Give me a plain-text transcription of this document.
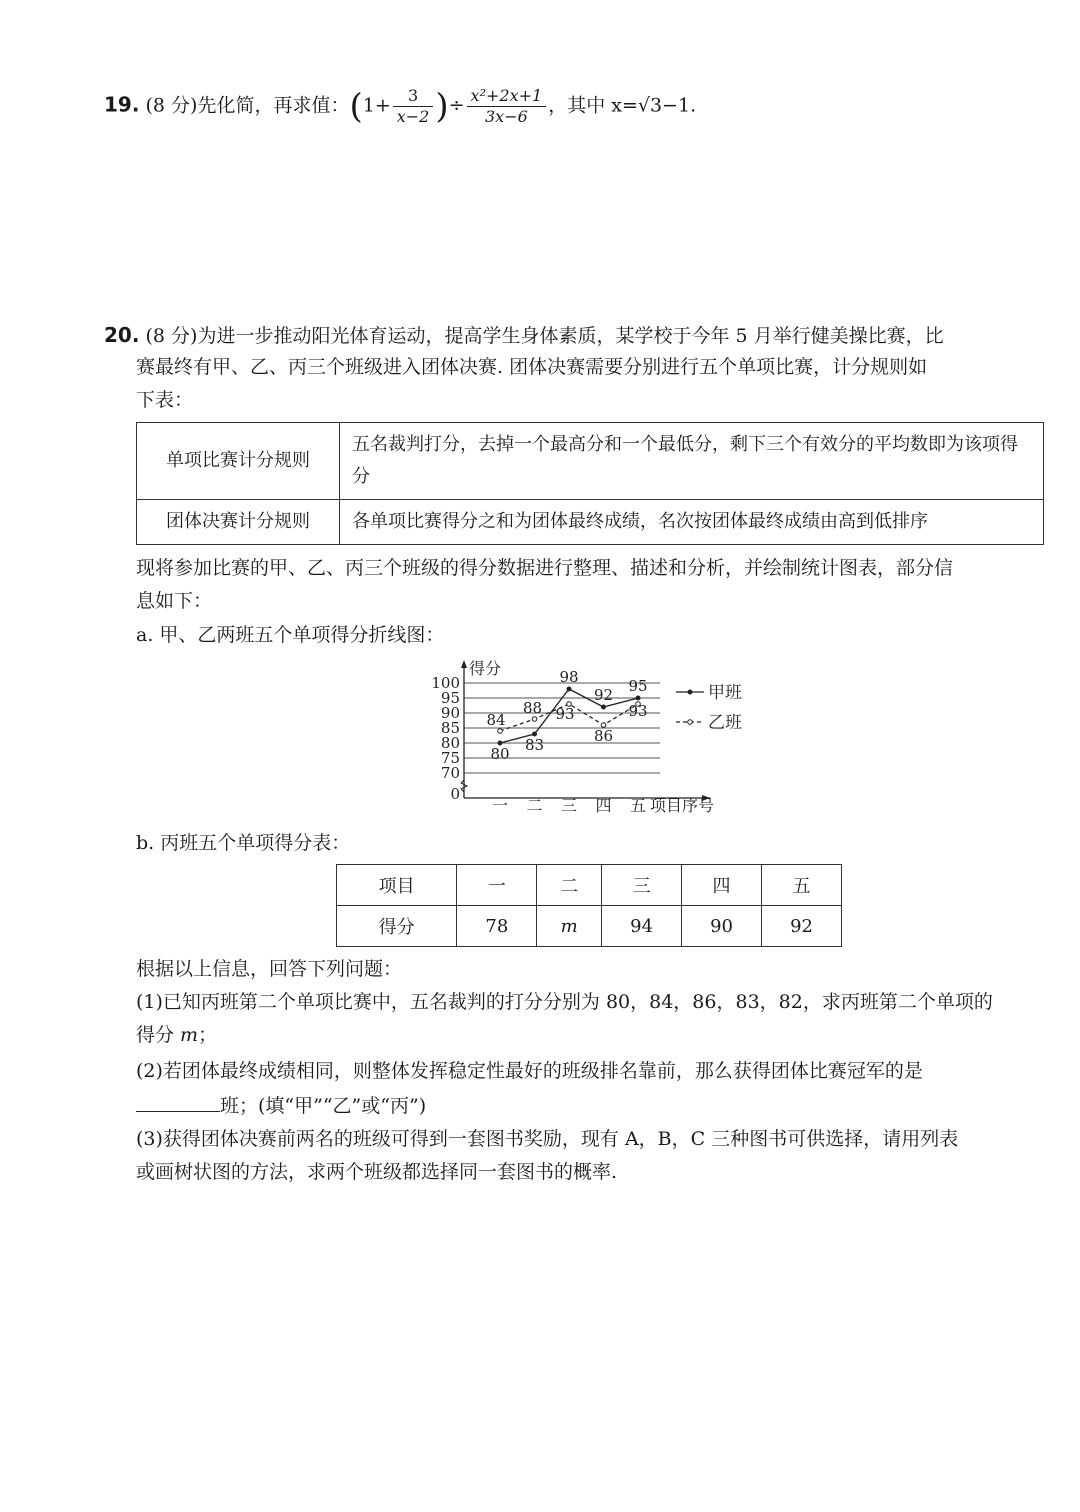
19. (8 分)先化简，再求值：($1+ \frac{3}{x-2}$ )÷ $\frac{\text{x²+2x+1}}{3x-6}$ ，其中 x=√3−1.
20. (8 分)为进一步推动阳光体育运动，提高学生身体素质，某学校于今年 5 月举行健美操比赛，比
赛最终有甲、乙、丙三个班级进入团体决赛. 团体决赛需要分别进行五个单项比赛，计分规则如
下表：
单项比赛计分规则	五名裁判打分，去掉一个最高分和一个最低分，剩下三个有效分的平均数即为该项得分
团体决赛计分规则	各单项比赛得分之和为团体最终成绩，名次按团体最终成绩由高到低排序
现将参加比赛的甲、乙、丙三个班级的得分数据进行整理、描述和分析，并绘制统计图表，部分信
息如下：
a. 甲、乙两班五个单项得分折线图：
0
70
75
80
85
90
95
100
得分
一 二 三 四 五 项目序号
80 83
98
92 95
84
88 93
86
93
甲班
乙班
b. 丙班五个单项得分表：
项目	一	二	三	四	五
得分	78	m	94	90	92
根据以上信息，回答下列问题：
(1)已知丙班第二个单项比赛中，五名裁判的打分分别为 80，84，86，83，82，求丙班第二个单项的
得分 m；
(2)若团体最终成绩相同，则整体发挥稳定性最好的班级排名靠前，那么获得团体比赛冠军的是
班；(填“甲”“乙”或“丙”)
(3)获得团体决赛前两名的班级可得到一套图书奖励，现有 A，B，C 三种图书可供选择，请用列表
或画树状图的方法，求两个班级都选择同一套图书的概率.
